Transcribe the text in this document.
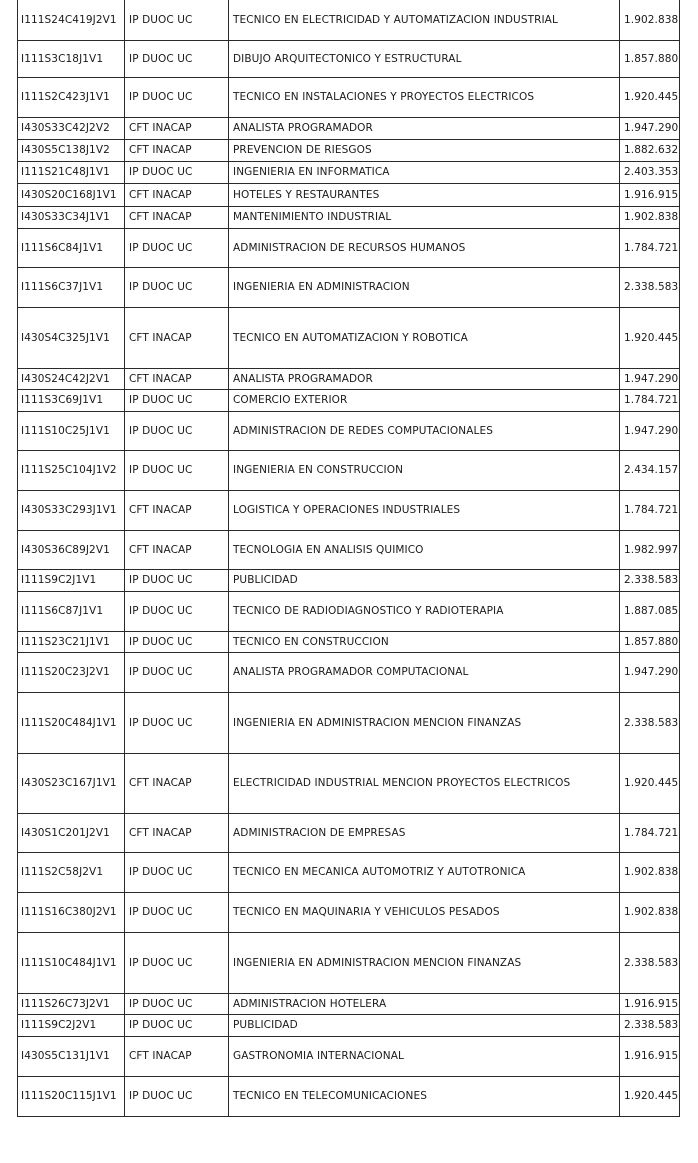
I111S24C419J2V1	IP DUOC UC	TECNICO EN ELECTRICIDAD Y AUTOMATIZACION INDUSTRIAL	1.902.838
I111S3C18J1V1	IP DUOC UC	DIBUJO ARQUITECTONICO Y ESTRUCTURAL	1.857.880
I111S2C423J1V1	IP DUOC UC	TECNICO EN INSTALACIONES Y PROYECTOS ELECTRICOS	1.920.445
I430S33C42J2V2	CFT INACAP	ANALISTA PROGRAMADOR	1.947.290
I430S5C138J1V2	CFT INACAP	PREVENCION DE RIESGOS	1.882.632
I111S21C48J1V1	IP DUOC UC	INGENIERIA EN INFORMATICA	2.403.353
I430S20C168J1V1	CFT INACAP	HOTELES Y RESTAURANTES	1.916.915
I430S33C34J1V1	CFT INACAP	MANTENIMIENTO INDUSTRIAL	1.902.838
I111S6C84J1V1	IP DUOC UC	ADMINISTRACION DE RECURSOS HUMANOS	1.784.721
I111S6C37J1V1	IP DUOC UC	INGENIERIA EN ADMINISTRACION	2.338.583
I430S4C325J1V1	CFT INACAP	TECNICO EN AUTOMATIZACION Y ROBOTICA	1.920.445
I430S24C42J2V1	CFT INACAP	ANALISTA PROGRAMADOR	1.947.290
I111S3C69J1V1	IP DUOC UC	COMERCIO EXTERIOR	1.784.721
I111S10C25J1V1	IP DUOC UC	ADMINISTRACION DE REDES COMPUTACIONALES	1.947.290
I111S25C104J1V2	IP DUOC UC	INGENIERIA EN CONSTRUCCION	2.434.157
I430S33C293J1V1	CFT INACAP	LOGISTICA Y OPERACIONES INDUSTRIALES	1.784.721
I430S36C89J2V1	CFT INACAP	TECNOLOGIA EN ANALISIS QUIMICO	1.982.997
I111S9C2J1V1	IP DUOC UC	PUBLICIDAD	2.338.583
I111S6C87J1V1	IP DUOC UC	TECNICO DE RADIODIAGNOSTICO Y RADIOTERAPIA	1.887.085
I111S23C21J1V1	IP DUOC UC	TECNICO EN CONSTRUCCION	1.857.880
I111S20C23J2V1	IP DUOC UC	ANALISTA PROGRAMADOR COMPUTACIONAL	1.947.290
I111S20C484J1V1	IP DUOC UC	INGENIERIA EN ADMINISTRACION MENCION FINANZAS	2.338.583
I430S23C167J1V1	CFT INACAP	ELECTRICIDAD INDUSTRIAL MENCION PROYECTOS ELECTRICOS	1.920.445
I430S1C201J2V1	CFT INACAP	ADMINISTRACION DE EMPRESAS	1.784.721
I111S2C58J2V1	IP DUOC UC	TECNICO EN MECANICA AUTOMOTRIZ Y AUTOTRONICA	1.902.838
I111S16C380J2V1	IP DUOC UC	TECNICO EN MAQUINARIA Y VEHICULOS PESADOS	1.902.838
I111S10C484J1V1	IP DUOC UC	INGENIERIA EN ADMINISTRACION MENCION FINANZAS	2.338.583
I111S26C73J2V1	IP DUOC UC	ADMINISTRACION HOTELERA	1.916.915
I111S9C2J2V1	IP DUOC UC	PUBLICIDAD	2.338.583
I430S5C131J1V1	CFT INACAP	GASTRONOMIA INTERNACIONAL	1.916.915
I111S20C115J1V1	IP DUOC UC	TECNICO EN TELECOMUNICACIONES	1.920.445
